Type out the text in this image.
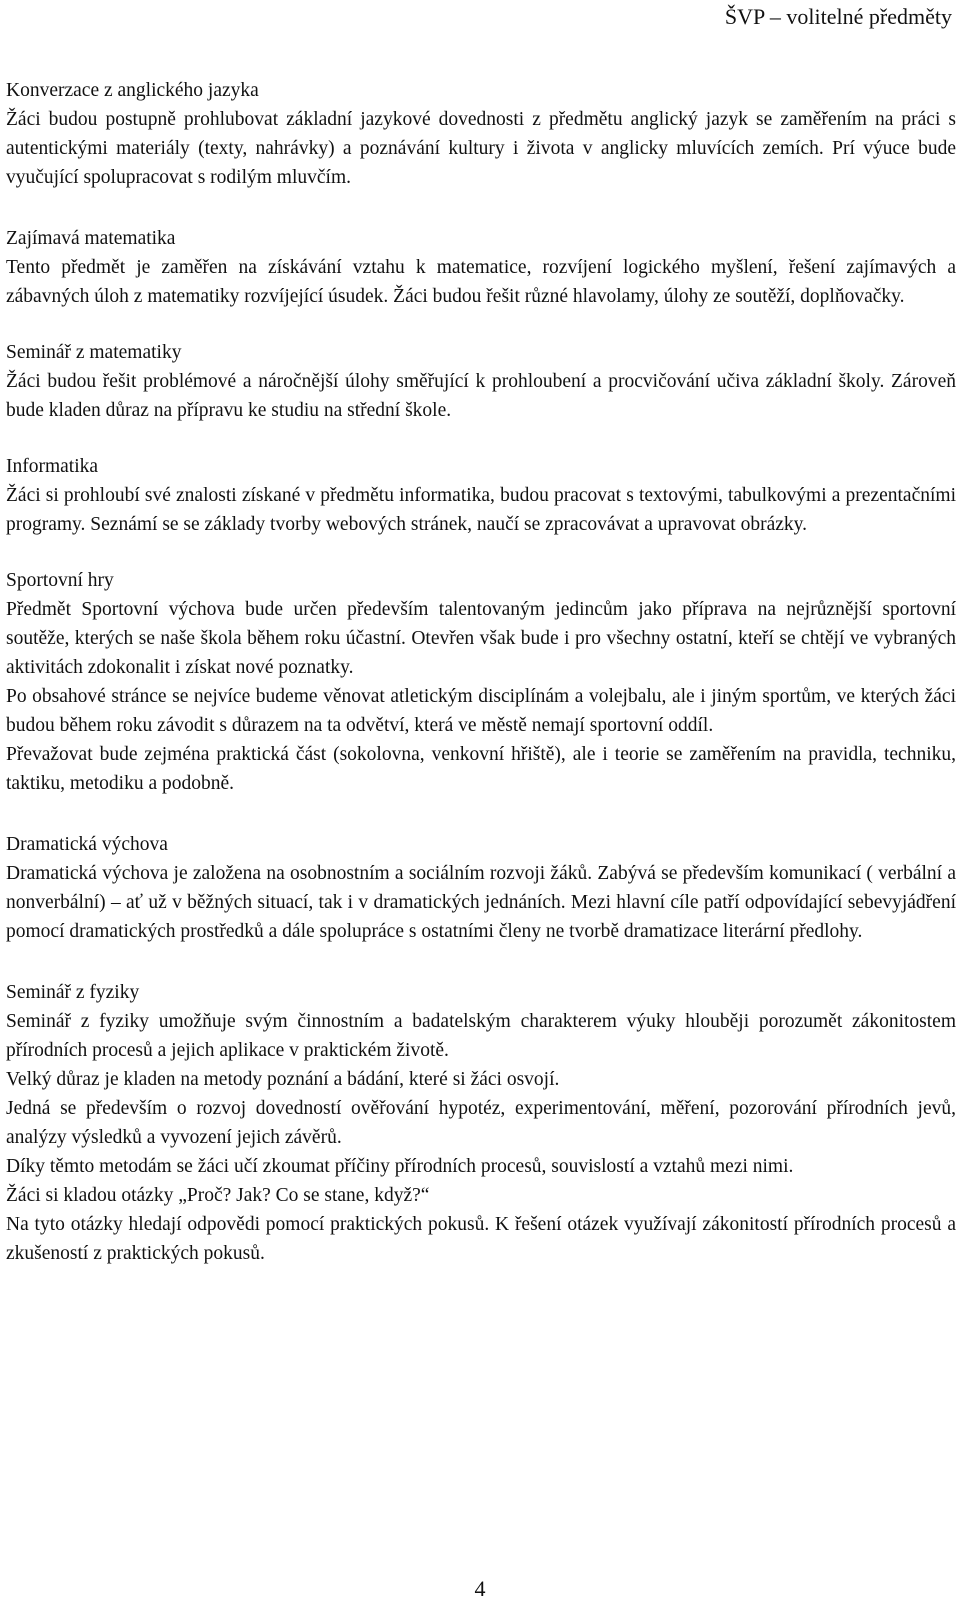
ŠVP – volitelné předměty

Konverzace z anglického jazyka

Žáci budou postupně prohlubovat základní jazykové dovednosti z předmětu anglický jazyk se zaměřením na práci s autentickými materiály (texty, nahrávky) a poznávání kultury i života v anglicky mluvících zemích. Prí výuce bude vyučující spolupracovat s rodilým mluvčím.

Zajímavá matematika

Tento předmět je zaměřen na získávání vztahu k matematice, rozvíjení logického myšlení, řešení zajímavých a zábavných úloh z matematiky rozvíjející úsudek. Žáci budou řešit různé hlavolamy, úlohy ze soutěží, doplňovačky.

Seminář z matematiky

Žáci budou řešit problémové a náročnější úlohy směřující k prohloubení a procvičování učiva základní školy. Zároveň bude kladen důraz na přípravu ke studiu na střední škole.

Informatika

Žáci si prohloubí své znalosti získané v předmětu informatika, budou pracovat s textovými, tabulkovými a prezentačními programy. Seznámí se se základy tvorby webových stránek, naučí se zpracovávat a upravovat obrázky.

Sportovní hry

Předmět Sportovní výchova bude určen především talentovaným jedincům jako příprava na nejrůznější sportovní soutěže, kterých se naše škola během roku účastní. Otevřen však bude i pro všechny ostatní, kteří se chtějí ve vybraných aktivitách zdokonalit i získat nové poznatky.

Po obsahové stránce se nejvíce budeme věnovat atletickým disciplínám a volejbalu, ale i jiným sportům, ve kterých žáci budou během roku závodit s důrazem na ta odvětví, která ve městě nemají sportovní oddíl.

Převažovat bude zejména praktická část (sokolovna, venkovní hřiště), ale i teorie se zaměřením na pravidla, techniku, taktiku, metodiku a podobně.

Dramatická výchova

Dramatická výchova je založena na osobnostním a sociálním rozvoji žáků. Zabývá se především komunikací ( verbální a nonverbální) – ať už v běžných situací, tak i v dramatických jednáních. Mezi hlavní cíle patří odpovídající sebevyjádření pomocí dramatických prostředků a dále spolupráce s ostatními členy ne tvorbě dramatizace literární předlohy.

Seminář z fyziky

Seminář z fyziky umožňuje svým činnostním a badatelským charakterem výuky hlouběji porozumět zákonitostem přírodních procesů a jejich aplikace v praktickém životě.

Velký důraz je kladen na metody poznání a bádání, které si žáci osvojí.

Jedná se především o rozvoj dovedností ověřování hypotéz, experimentování, měření, pozorování přírodních jevů, analýzy výsledků a vyvození jejich závěrů.

Díky těmto metodám se žáci učí zkoumat příčiny přírodních procesů, souvislostí a vztahů mezi nimi.

Žáci si kladou otázky „Proč? Jak? Co se stane, když?“

Na tyto otázky hledají odpovědi pomocí praktických pokusů. K řešení otázek využívají zákonitostí přírodních procesů a zkušeností z praktických pokusů.

4
